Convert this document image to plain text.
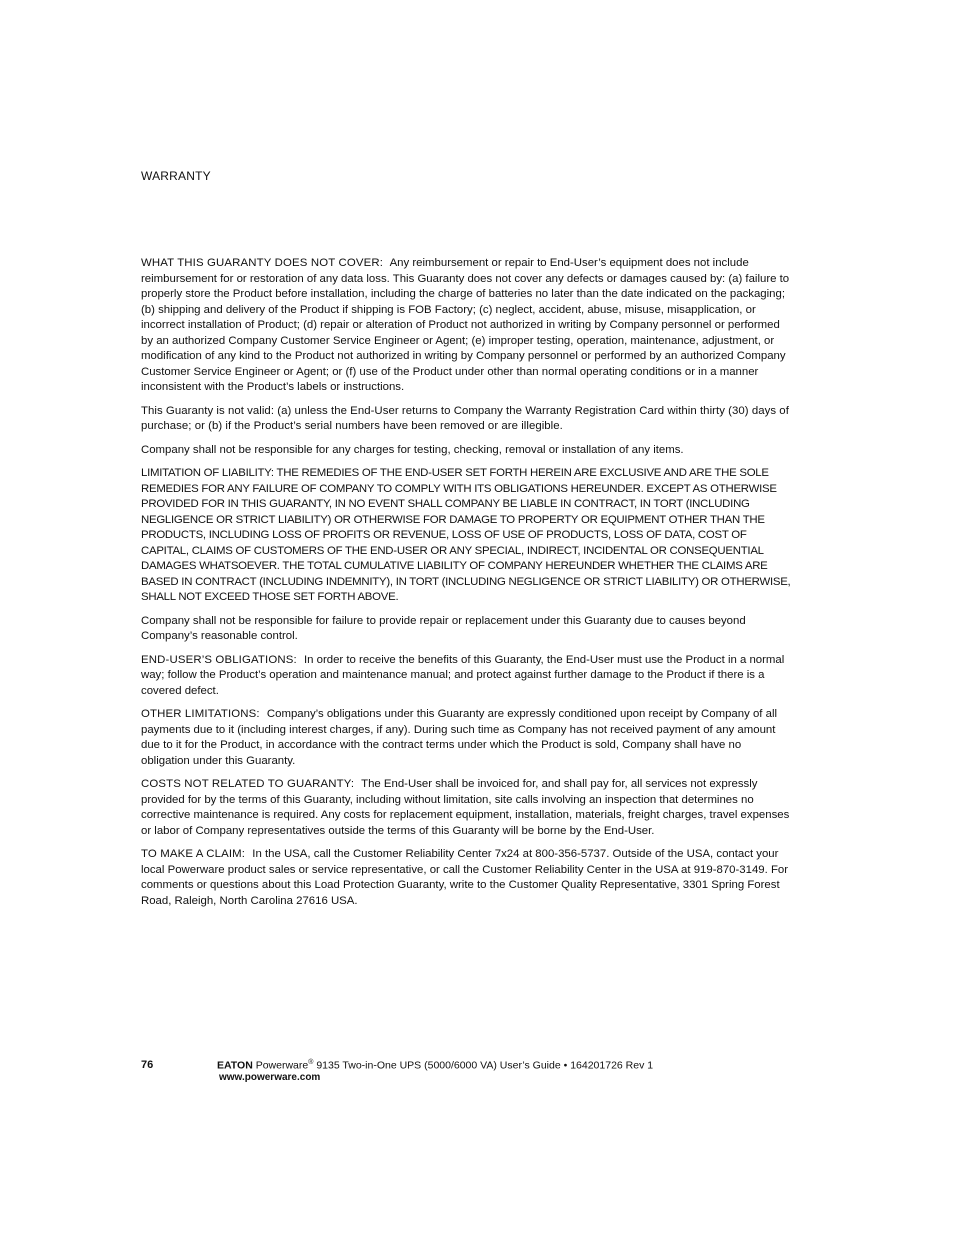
WARRANTY

WHAT THIS GUARANTY DOES NOT COVER: Any reimbursement or repair to End-User’s equipment does not include reimbursement for or restoration of any data loss. This Guaranty does not cover any defects or damages caused by: (a) failure to properly store the Product before installation, including the charge of batteries no later than the date indicated on the packaging; (b) shipping and delivery of the Product if shipping is FOB Factory; (c) neglect, accident, abuse, misuse, misapplication, or incorrect installation of Product; (d) repair or alteration of Product not authorized in writing by Company personnel or performed by an authorized Company Customer Service Engineer or Agent; (e) improper testing, operation, maintenance, adjustment, or modification of any kind to the Product not authorized in writing by Company personnel or performed by an authorized Company Customer Service Engineer or Agent; or (f) use of the Product under other than normal operating conditions or in a manner inconsistent with the Product’s labels or instructions.

This Guaranty is not valid: (a) unless the End-User returns to Company the Warranty Registration Card within thirty (30) days of purchase; or (b) if the Product’s serial numbers have been removed or are illegible.

Company shall not be responsible for any charges for testing, checking, removal or installation of any items.

LIMITATION OF LIABILITY: THE REMEDIES OF THE END-USER SET FORTH HEREIN ARE EXCLUSIVE AND ARE THE SOLE REMEDIES FOR ANY FAILURE OF COMPANY TO COMPLY WITH ITS OBLIGATIONS HEREUNDER. EXCEPT AS OTHERWISE PROVIDED FOR IN THIS GUARANTY, IN NO EVENT SHALL COMPANY BE LIABLE IN CONTRACT, IN TORT (INCLUDING NEGLIGENCE OR STRICT LIABILITY) OR OTHERWISE FOR DAMAGE TO PROPERTY OR EQUIPMENT OTHER THAN THE PRODUCTS, INCLUDING LOSS OF PROFITS OR REVENUE, LOSS OF USE OF PRODUCTS, LOSS OF DATA, COST OF CAPITAL, CLAIMS OF CUSTOMERS OF THE END-USER OR ANY SPECIAL, INDIRECT, INCIDENTAL OR CONSEQUENTIAL DAMAGES WHATSOEVER. THE TOTAL CUMULATIVE LIABILITY OF COMPANY HEREUNDER WHETHER THE CLAIMS ARE BASED IN CONTRACT (INCLUDING INDEMNITY), IN TORT (INCLUDING NEGLIGENCE OR STRICT LIABILITY) OR OTHERWISE, SHALL NOT EXCEED THOSE SET FORTH ABOVE.

Company shall not be responsible for failure to provide repair or replacement under this Guaranty due to causes beyond Company’s reasonable control.

END-USER’S OBLIGATIONS: In order to receive the benefits of this Guaranty, the End-User must use the Product in a normal way; follow the Product’s operation and maintenance manual; and protect against further damage to the Product if there is a covered defect.

OTHER LIMITATIONS: Company’s obligations under this Guaranty are expressly conditioned upon receipt by Company of all payments due to it (including interest charges, if any). During such time as Company has not received payment of any amount due to it for the Product, in accordance with the contract terms under which the Product is sold, Company shall have no obligation under this Guaranty.

COSTS NOT RELATED TO GUARANTY: The End-User shall be invoiced for, and shall pay for, all services not expressly provided for by the terms of this Guaranty, including without limitation, site calls involving an inspection that determines no corrective maintenance is required. Any costs for replacement equipment, installation, materials, freight charges, travel expenses or labor of Company representatives outside the terms of this Guaranty will be borne by the End-User.

TO MAKE A CLAIM: In the USA, call the Customer Reliability Center 7x24 at 800-356-5737. Outside of the USA, contact your local Powerware product sales or service representative, or call the Customer Reliability Center in the USA at 919-870-3149. For comments or questions about this Load Protection Guaranty, write to the Customer Quality Representative, 3301 Spring Forest Road, Raleigh, North Carolina 27616 USA.

76	EATON Powerware® 9135 Two-in-One UPS (5000/6000 VA) User’s Guide • 164201726 Rev 1
www.powerware.com
